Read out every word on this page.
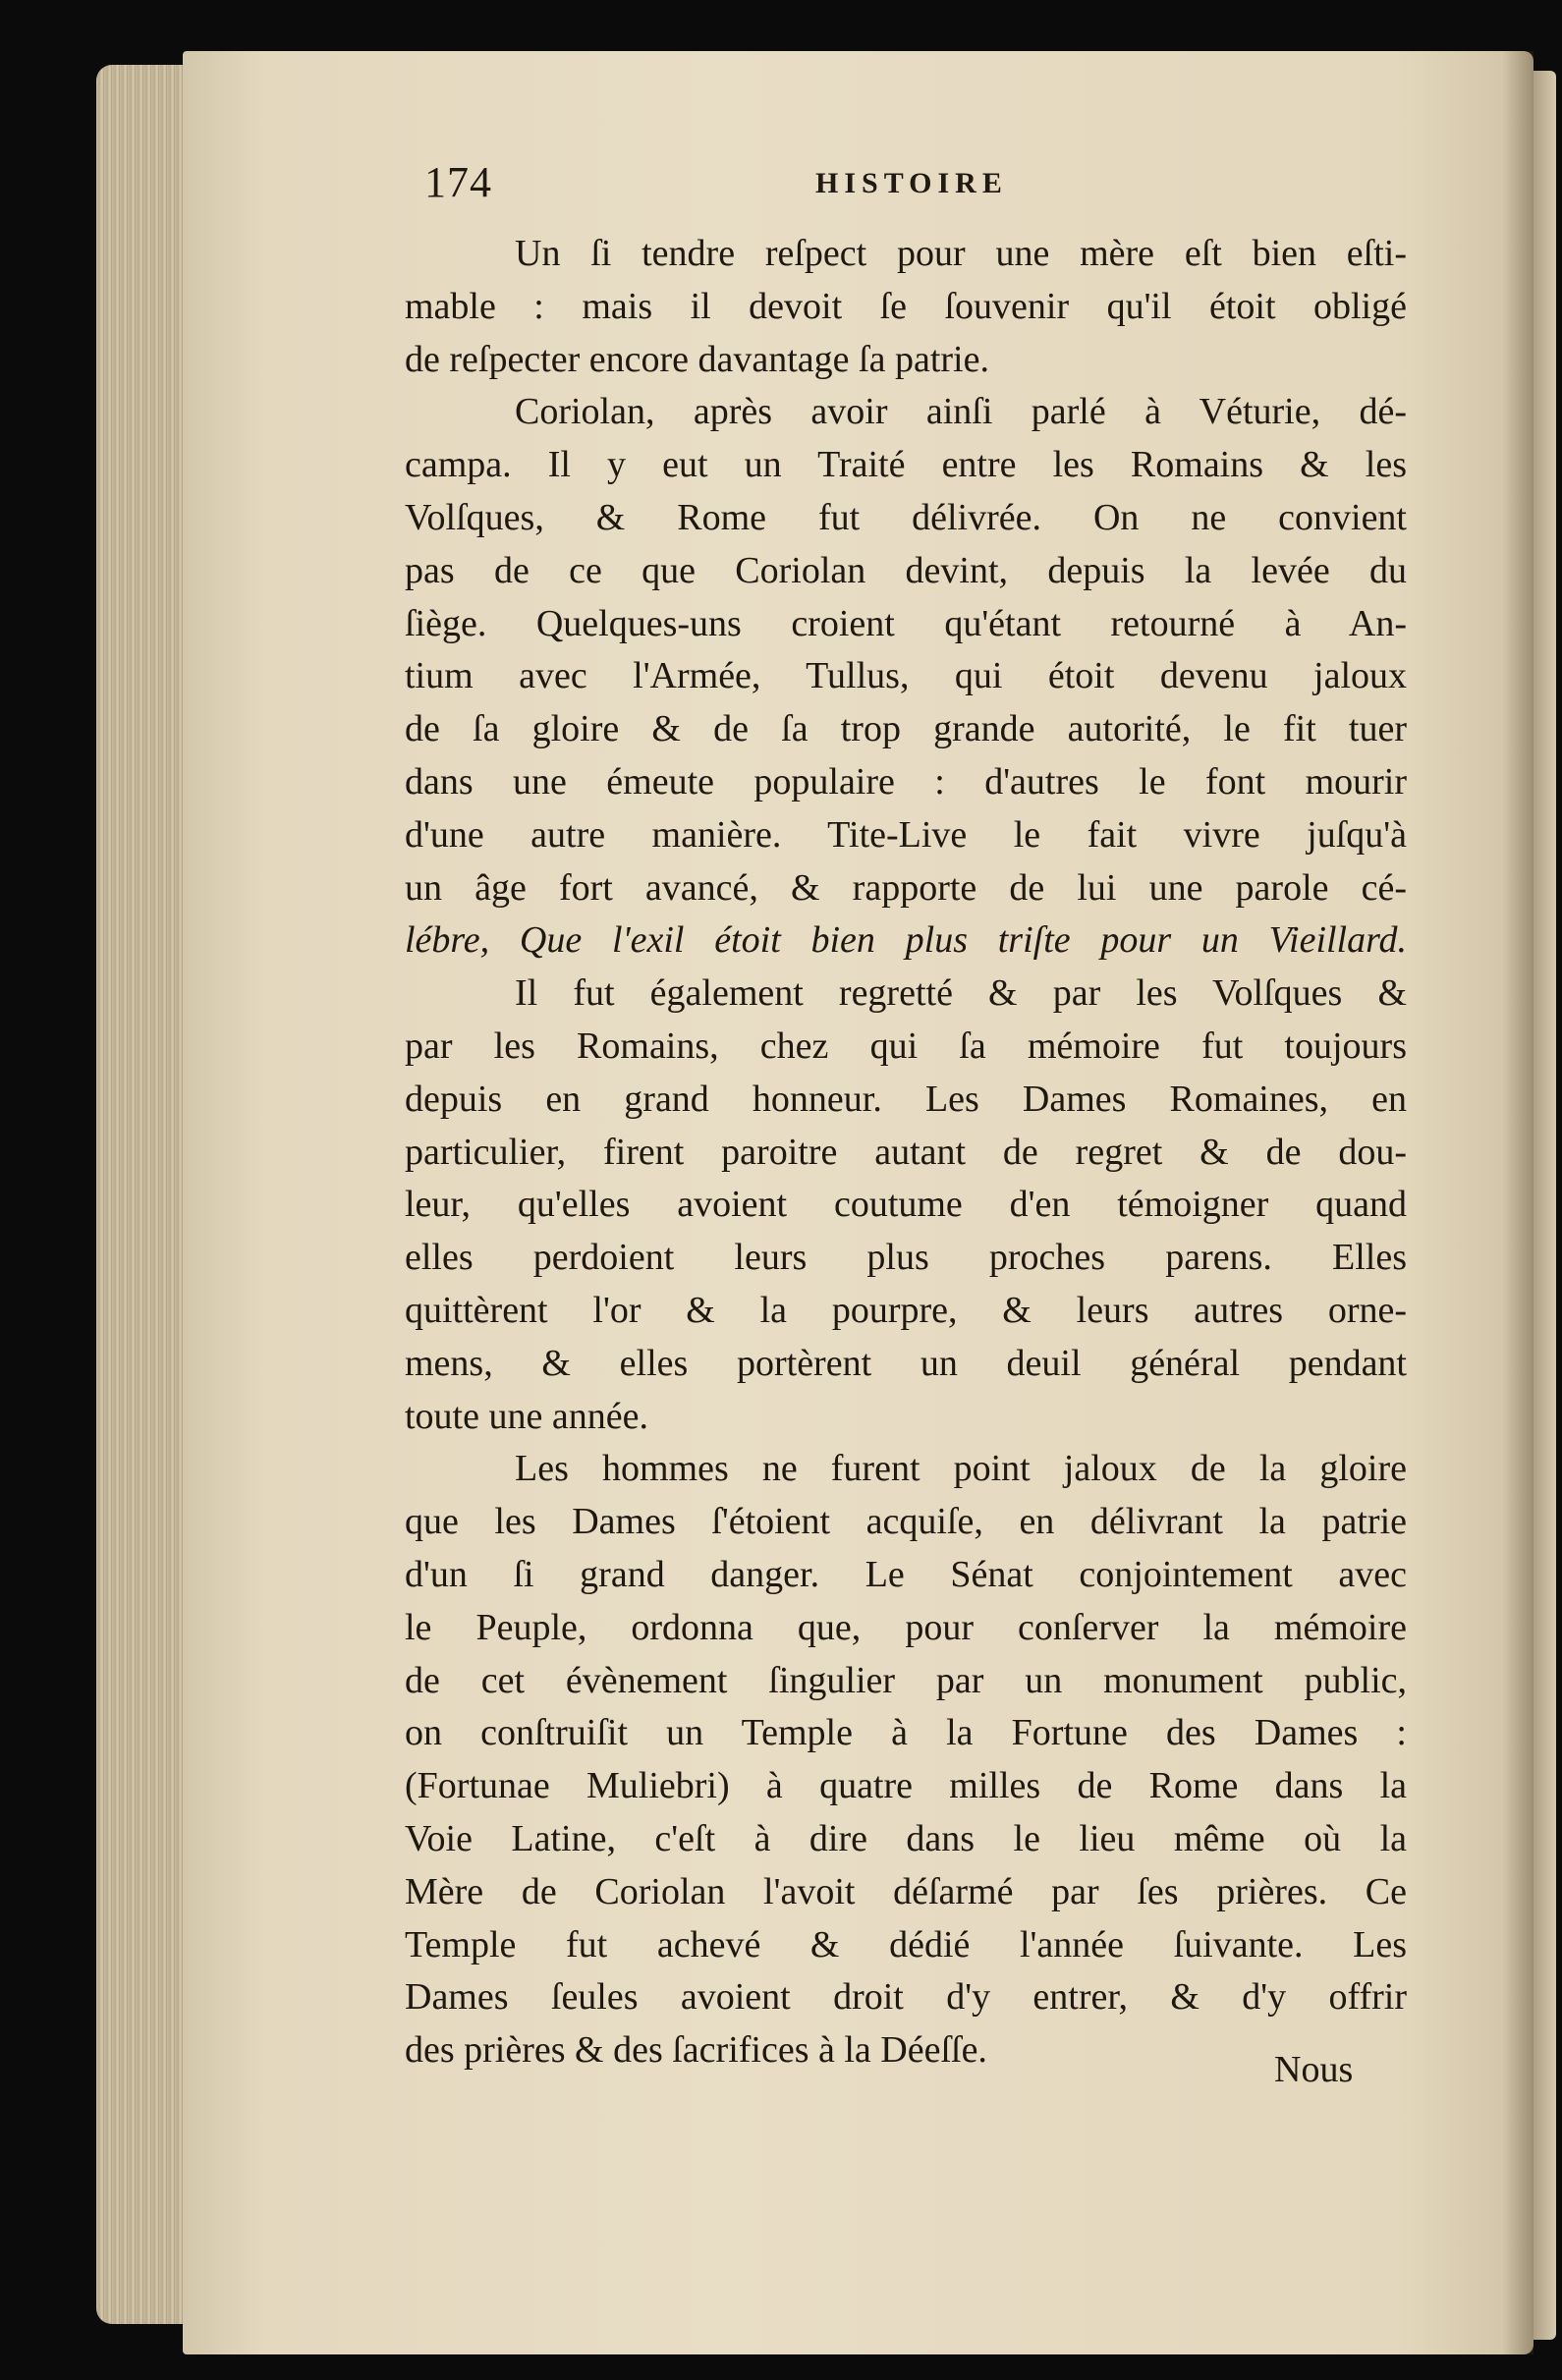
174	HISTOIRE
Un ſi tendre reſpect pour une mère eſt bien eſti-
mable : mais il devoit ſe ſouvenir qu'il étoit obligé
de reſpecter encore davantage ſa patrie.
Coriolan, après avoir ainſi parlé à Véturie, dé-
campa. Il y eut un Traité entre les Romains & les
Volſques, & Rome fut délivrée. On ne convient
pas de ce que Coriolan devint, depuis la levée du
ſiège. Quelques-uns croient qu'étant retourné à An-
tium avec l'Armée, Tullus, qui étoit devenu jaloux
de ſa gloire & de ſa trop grande autorité, le fit tuer
dans une émeute populaire : d'autres le font mourir
d'une autre manière. Tite-Live le fait vivre juſqu'à
un âge fort avancé, & rapporte de lui une parole cé-
lébre, Que l'exil étoit bien plus triſte pour un Vieillard.
Il fut également regretté & par les Volſques &
par les Romains, chez qui ſa mémoire fut toujours
depuis en grand honneur. Les Dames Romaines, en
particulier, firent paroitre autant de regret & de dou-
leur, qu'elles avoient coutume d'en témoigner quand
elles perdoient leurs plus proches parens. Elles
quittèrent l'or & la pourpre, & leurs autres orne-
mens, & elles portèrent un deuil général pendant
toute une année.
Les hommes ne furent point jaloux de la gloire
que les Dames ſ'étoient acquiſe, en délivrant la patrie
d'un ſi grand danger. Le Sénat conjointement avec
le Peuple, ordonna que, pour conſerver la mémoire
de cet évènement ſingulier par un monument public,
on conſtruiſit un Temple à la Fortune des Dames :
(Fortunae Muliebri) à quatre milles de Rome dans la
Voie Latine, c'eſt à dire dans le lieu même où la
Mère de Coriolan l'avoit déſarmé par ſes prières. Ce
Temple fut achevé & dédié l'année ſuivante. Les
Dames ſeules avoient droit d'y entrer, & d'y offrir
des prières & des ſacrifices à la Déeſſe.	Nous
